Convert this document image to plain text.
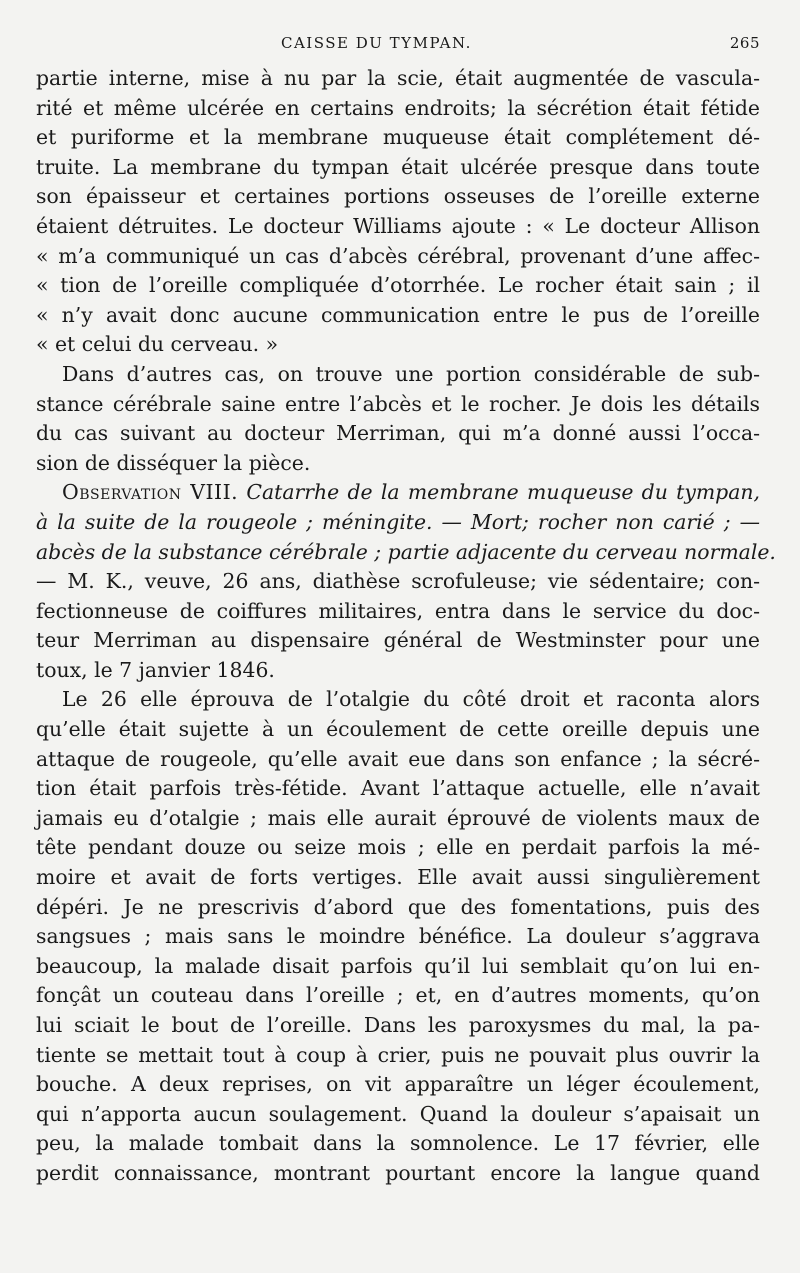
CAISSE DU TYMPAN.	265

partie interne, mise à nu par la scie, était augmentée de vascula-
rité et même ulcérée en certains endroits; la sécrétion était fétide
et puriforme et la membrane muqueuse était complétement dé-
truite. La membrane du tympan était ulcérée presque dans toute
son épaisseur et certaines portions osseuses de l’oreille externe
étaient détruites. Le docteur Williams ajoute : « Le docteur Allison
« m’a communiqué un cas d’abcès cérébral, provenant d’une affec-
« tion de l’oreille compliquée d’otorrhée. Le rocher était sain ; il
« n’y avait donc aucune communication entre le pus de l’oreille
« et celui du cerveau. »

Dans d’autres cas, on trouve une portion considérable de sub-
stance cérébrale saine entre l’abcès et le rocher. Je dois les détails
du cas suivant au docteur Merriman, qui m’a donné aussi l’occa-
sion de disséquer la pièce.

Observation VIII. Catarrhe de la membrane muqueuse du tympan,
à la suite de la rougeole ; méningite. — Mort; rocher non carié ; —
abcès de la substance cérébrale ; partie adjacente du cerveau normale.
— M. K., veuve, 26 ans, diathèse scrofuleuse; vie sédentaire; con-
fectionneuse de coiffures militaires, entra dans le service du doc-
teur Merriman au dispensaire général de Westminster pour une
toux, le 7 janvier 1846.

Le 26 elle éprouva de l’otalgie du côté droit et raconta alors
qu’elle était sujette à un écoulement de cette oreille depuis une
attaque de rougeole, qu’elle avait eue dans son enfance ; la sécré-
tion était parfois très-fétide. Avant l’attaque actuelle, elle n’avait
jamais eu d’otalgie ; mais elle aurait éprouvé de violents maux de
tête pendant douze ou seize mois ; elle en perdait parfois la mé-
moire et avait de forts vertiges. Elle avait aussi singulièrement
dépéri. Je ne prescrivis d’abord que des fomentations, puis des
sangsues ; mais sans le moindre bénéfice. La douleur s’aggrava
beaucoup, la malade disait parfois qu’il lui semblait qu’on lui en-
fonçât un couteau dans l’oreille ; et, en d’autres moments, qu’on
lui sciait le bout de l’oreille. Dans les paroxysmes du mal, la pa-
tiente se mettait tout à coup à crier, puis ne pouvait plus ouvrir la
bouche. A deux reprises, on vit apparaître un léger écoulement,
qui n’apporta aucun soulagement. Quand la douleur s’apaisait un
peu, la malade tombait dans la somnolence. Le 17 février, elle
perdit connaissance, montrant pourtant encore la langue quand
